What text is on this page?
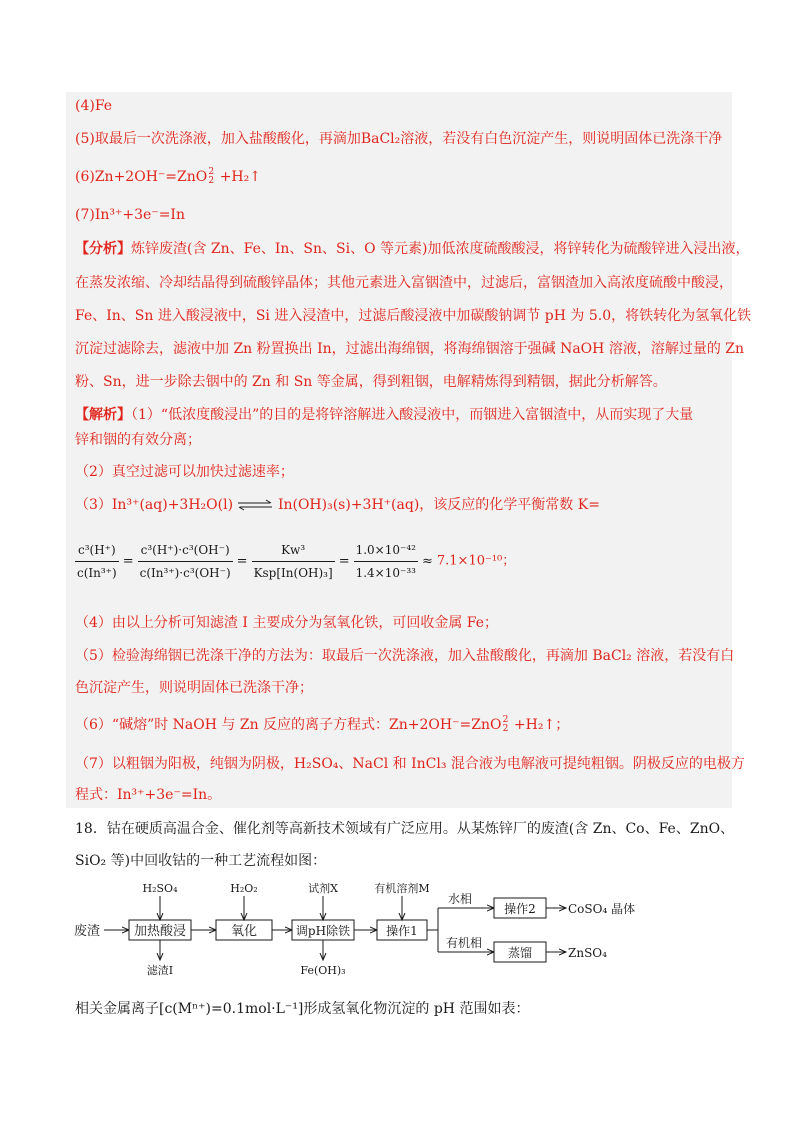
(4)Fe
(5)取最后一次洗涤液，加入盐酸酸化，再滴加BaCl₂溶液，若没有白色沉淀产生，则说明固体已洗涤干净
(6)Zn+2OH⁻=ZnO2
2 +H₂↑
(7)In³⁺+3e⁻=In
【分析】炼锌废渣(含 Zn、Fe、In、Sn、Si、O 等元素)加低浓度硫酸酸浸，将锌转化为硫酸锌进入浸出液，
在蒸发浓缩、冷却结晶得到硫酸锌晶体；其他元素进入富铟渣中，过滤后，富铟渣加入高浓度硫酸中酸浸，
Fe、In、Sn 进入酸浸液中，Si 进入浸渣中，过滤后酸浸液中加碳酸钠调节 pH 为 5.0，将铁转化为氢氧化铁
沉淀过滤除去，滤液中加 Zn 粉置换出 In，过滤出海绵铟，将海绵铟溶于强碱 NaOH 溶液，溶解过量的 Zn
粉、Sn，进一步除去铟中的 Zn 和 Sn 等金属，得到粗铟，电解精炼得到精铟，据此分析解答。
【解析】（1）“低浓度酸浸出”的目的是将锌溶解进入酸浸液中，而铟进入富铟渣中，从而实现了大量
锌和铟的有效分离；
（2）真空过滤可以加快过滤速率；
（3）In³⁺(aq)+3H₂O(l) ⇌ In(OH)₃(s)+3H⁺(aq)，该反应的化学平衡常数 K=
$\frac{\text{c³(H⁺)}}{\text{c(In³⁺)}} = \frac{\text{c³(H⁺)·c³(OH⁻)}}{\text{c(In³⁺)·c³(OH⁻)}} = \frac{\text{Kw³}}{\text{Ksp[In(OH)₃]}} = \frac{\text{1.0×10⁻⁴²}}{\text{1.4×10⁻³³}} \approx 7.1\times 10^{-10}$；
（4）由以上分析可知滤渣 I 主要成分为氢氧化铁，可回收金属 Fe；
（5）检验海绵铟已洗涤干净的方法为：取最后一次洗涤液，加入盐酸酸化，再滴加 BaCl₂ 溶液，若没有白
色沉淀产生，则说明固体已洗涤干净；
（6）“碱熔”时 NaOH 与 Zn 反应的离子方程式：Zn+2OH⁻=ZnO2
2 +H₂↑；
（7）以粗铟为阳极，纯铟为阴极，H₂SO₄、NaCl 和 InCl₃ 混合液为电解液可提纯粗铟。阴极反应的电极方
程式：In³⁺+3e⁻=In。
18．钴在硬质高温合金、催化剂等高新技术领域有广泛应用。从某炼锌厂的废渣(含 Zn、Co、Fe、ZnO、
SiO₂ 等)中回收钴的一种工艺流程如图：
废渣	加热酸浸
H₂SO₄
滤渣I
氧化
H₂O₂
调pH除铁
试剂X
Fe(OH)₃
操作1
有机溶剂M
水相
有机相
操作2	CoSO₄ 晶体
蒸馏	ZnSO₄
相关金属离子[c(Mⁿ⁺)=0.1mol·L⁻¹]形成氢氧化物沉淀的 pH 范围如表：
